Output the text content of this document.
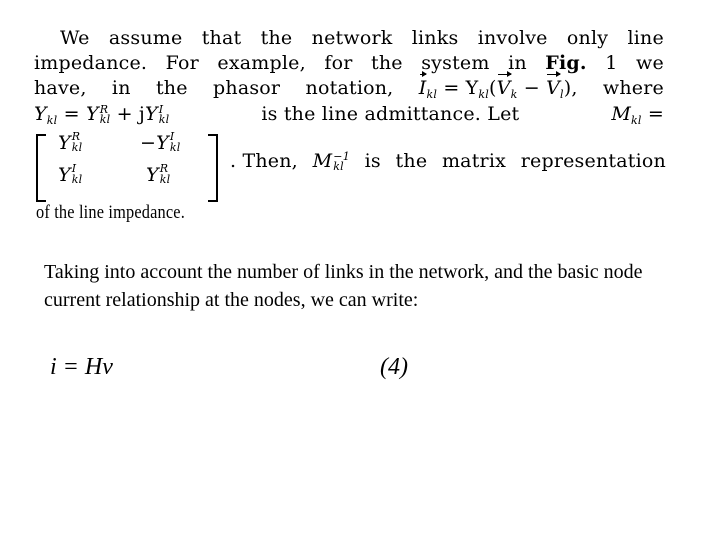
We assume that the network links involve only line
impedance. For example, for the system in Fig. 1 we
have, in the phasor notation, $I_{kl} = Y_{kl}(V_k - V_l)$, where
$Y_{kl} = Y$ R
kl + jY I
kl	is the line admittance. Let	$M_{kl}$ =
Y R
kl	−Y I
kl
Y I
kl	Y R
kl
. Then, M −1
kl	is the matrix representation
of the line impedance.
Taking into account the number of links in the network, and the basic node current relationship at the nodes, we can write:
i = Hv	(4)
